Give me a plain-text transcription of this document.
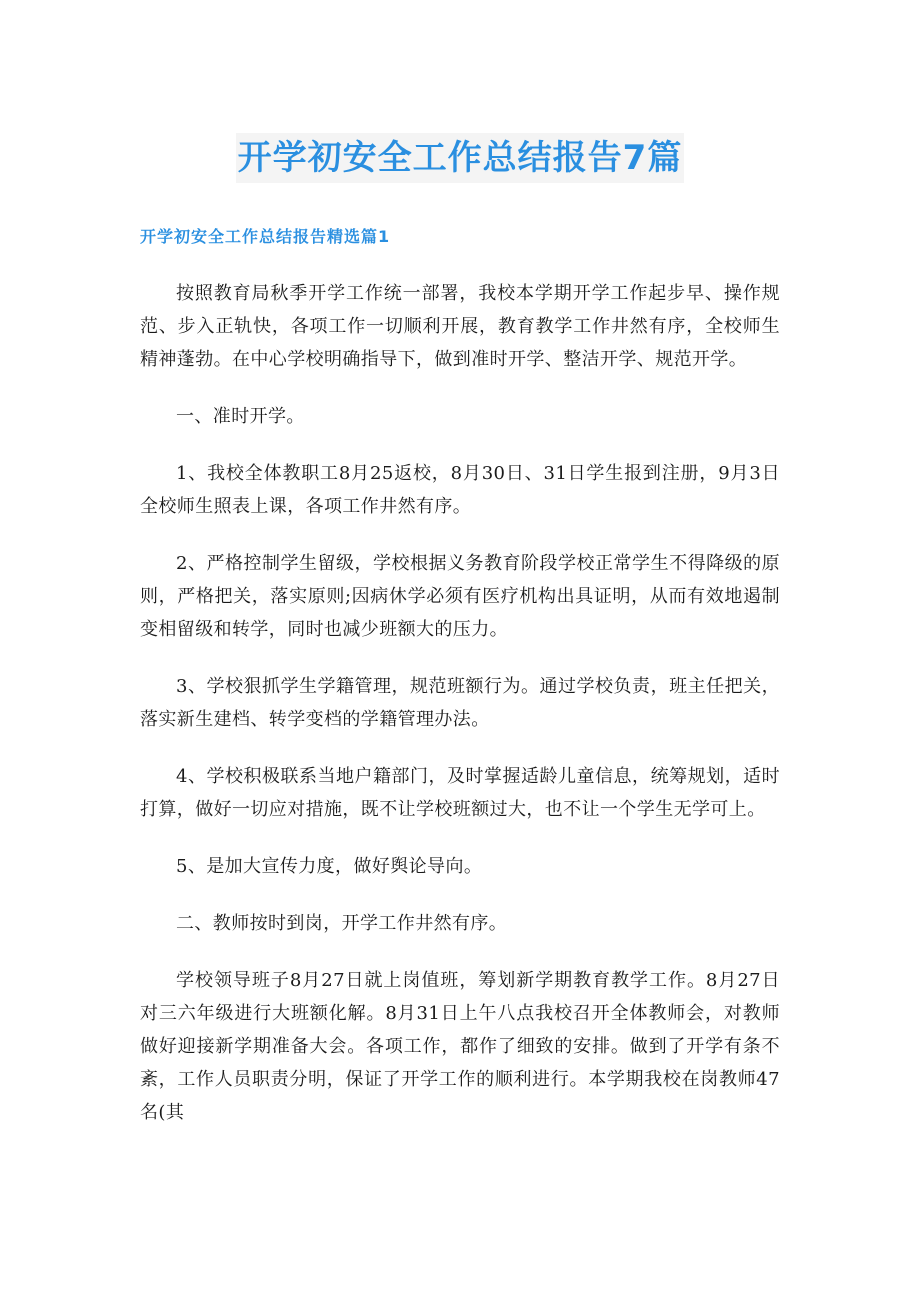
开学初安全工作总结报告7篇
开学初安全工作总结报告精选篇1

按照教育局秋季开学工作统一部署，我校本学期开学工作起步早、操作规范、步入正轨快，各项工作一切顺利开展，教育教学工作井然有序，全校师生精神蓬勃。在中心学校明确指导下，做到准时开学、整洁开学、规范开学。

一、准时开学。

1、我校全体教职工8月25返校，8月30日、31日学生报到注册，9月3日全校师生照表上课，各项工作井然有序。

2、严格控制学生留级，学校根据义务教育阶段学校正常学生不得降级的原则，严格把关，落实原则;因病休学必须有医疗机构出具证明，从而有效地遏制变相留级和转学，同时也减少班额大的压力。

3、学校狠抓学生学籍管理，规范班额行为。通过学校负责，班主任把关，落实新生建档、转学变档的学籍管理办法。

4、学校积极联系当地户籍部门，及时掌握适龄儿童信息，统筹规划，适时打算，做好一切应对措施，既不让学校班额过大，也不让一个学生无学可上。

5、是加大宣传力度，做好舆论导向。

二、教师按时到岗，开学工作井然有序。

学校领导班子8月27日就上岗值班，筹划新学期教育教学工作。8月27日对三六年级进行大班额化解。8月31日上午八点我校召开全体教师会，对教师做好迎接新学期准备大会。各项工作，都作了细致的安排。做到了开学有条不紊，工作人员职责分明，保证了开学工作的顺利进行。本学期我校在岗教师47名(其
